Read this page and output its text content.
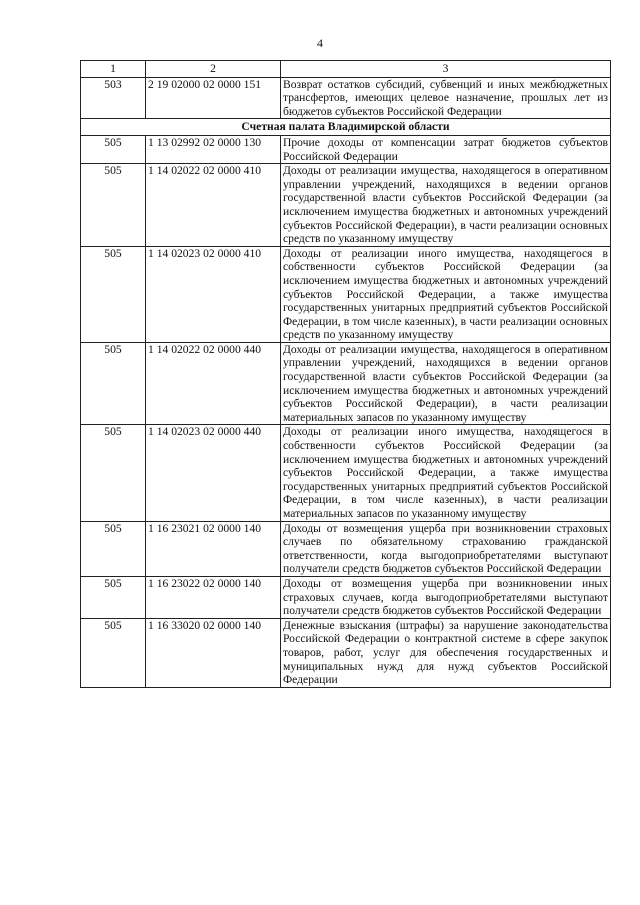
4
1	2	3
503	2 19 02000 02 0000 151	Возврат остатков субсидий, субвенций и иных межбюджетных трансфертов, имеющих целевое назначение, прошлых лет из бюджетов субъектов Российской Федерации
Счетная палата Владимирской области		
505	1 13 02992 02 0000 130	Прочие доходы от компенсации затрат бюджетов субъектов Российской Федерации
505	1 14 02022 02 0000 410	Доходы от реализации имущества, находящегося в оперативном управлении учреждений, находящихся в ведении органов государственной власти субъектов Российской Федерации (за исключением имущества бюджетных и автономных учреждений субъектов Российской Федерации), в части реализации основных средств по указанному имуществу
505	1 14 02023 02 0000 410	Доходы от реализации иного имущества, находящегося в собственности субъектов Российской Федерации (за исключением имущества бюджетных и автономных учреждений субъектов Российской Федерации, а также имущества государственных унитарных предприятий субъектов Российской Федерации, в том числе казенных), в части реализации основных средств по указанному имуществу
505	1 14 02022 02 0000 440	Доходы от реализации имущества, находящегося в оперативном управлении учреждений, находящихся в ведении органов государственной власти субъектов Российской Федерации (за исключением имущества бюджетных и автономных учреждений субъектов Российской Федерации), в части реализации материальных запасов по указанному имуществу
505	1 14 02023 02 0000 440	Доходы от реализации иного имущества, находящегося в собственности субъектов Российской Федерации (за исключением имущества бюджетных и автономных учреждений субъектов Российской Федерации, а также имущества государственных унитарных предприятий субъектов Российской Федерации, в том числе казенных), в части реализации материальных запасов по указанному имуществу
505	1 16 23021 02 0000 140	Доходы от возмещения ущерба при возникновении страховых случаев по обязательному страхованию гражданской ответственности, когда выгодоприобретателями выступают получатели средств бюджетов субъектов Российской Федерации
505	1 16 23022 02 0000 140	Доходы от возмещения ущерба при возникновении иных страховых случаев, когда выгодоприобретателями выступают получатели средств бюджетов субъектов Российской Федерации
505	1 16 33020 02 0000 140	Денежные взыскания (штрафы) за нарушение законодательства Российской Федерации о контрактной системе в сфере закупок товаров, работ, услуг для обеспечения государственных и муниципальных нужд для нужд субъектов Российской Федерации
